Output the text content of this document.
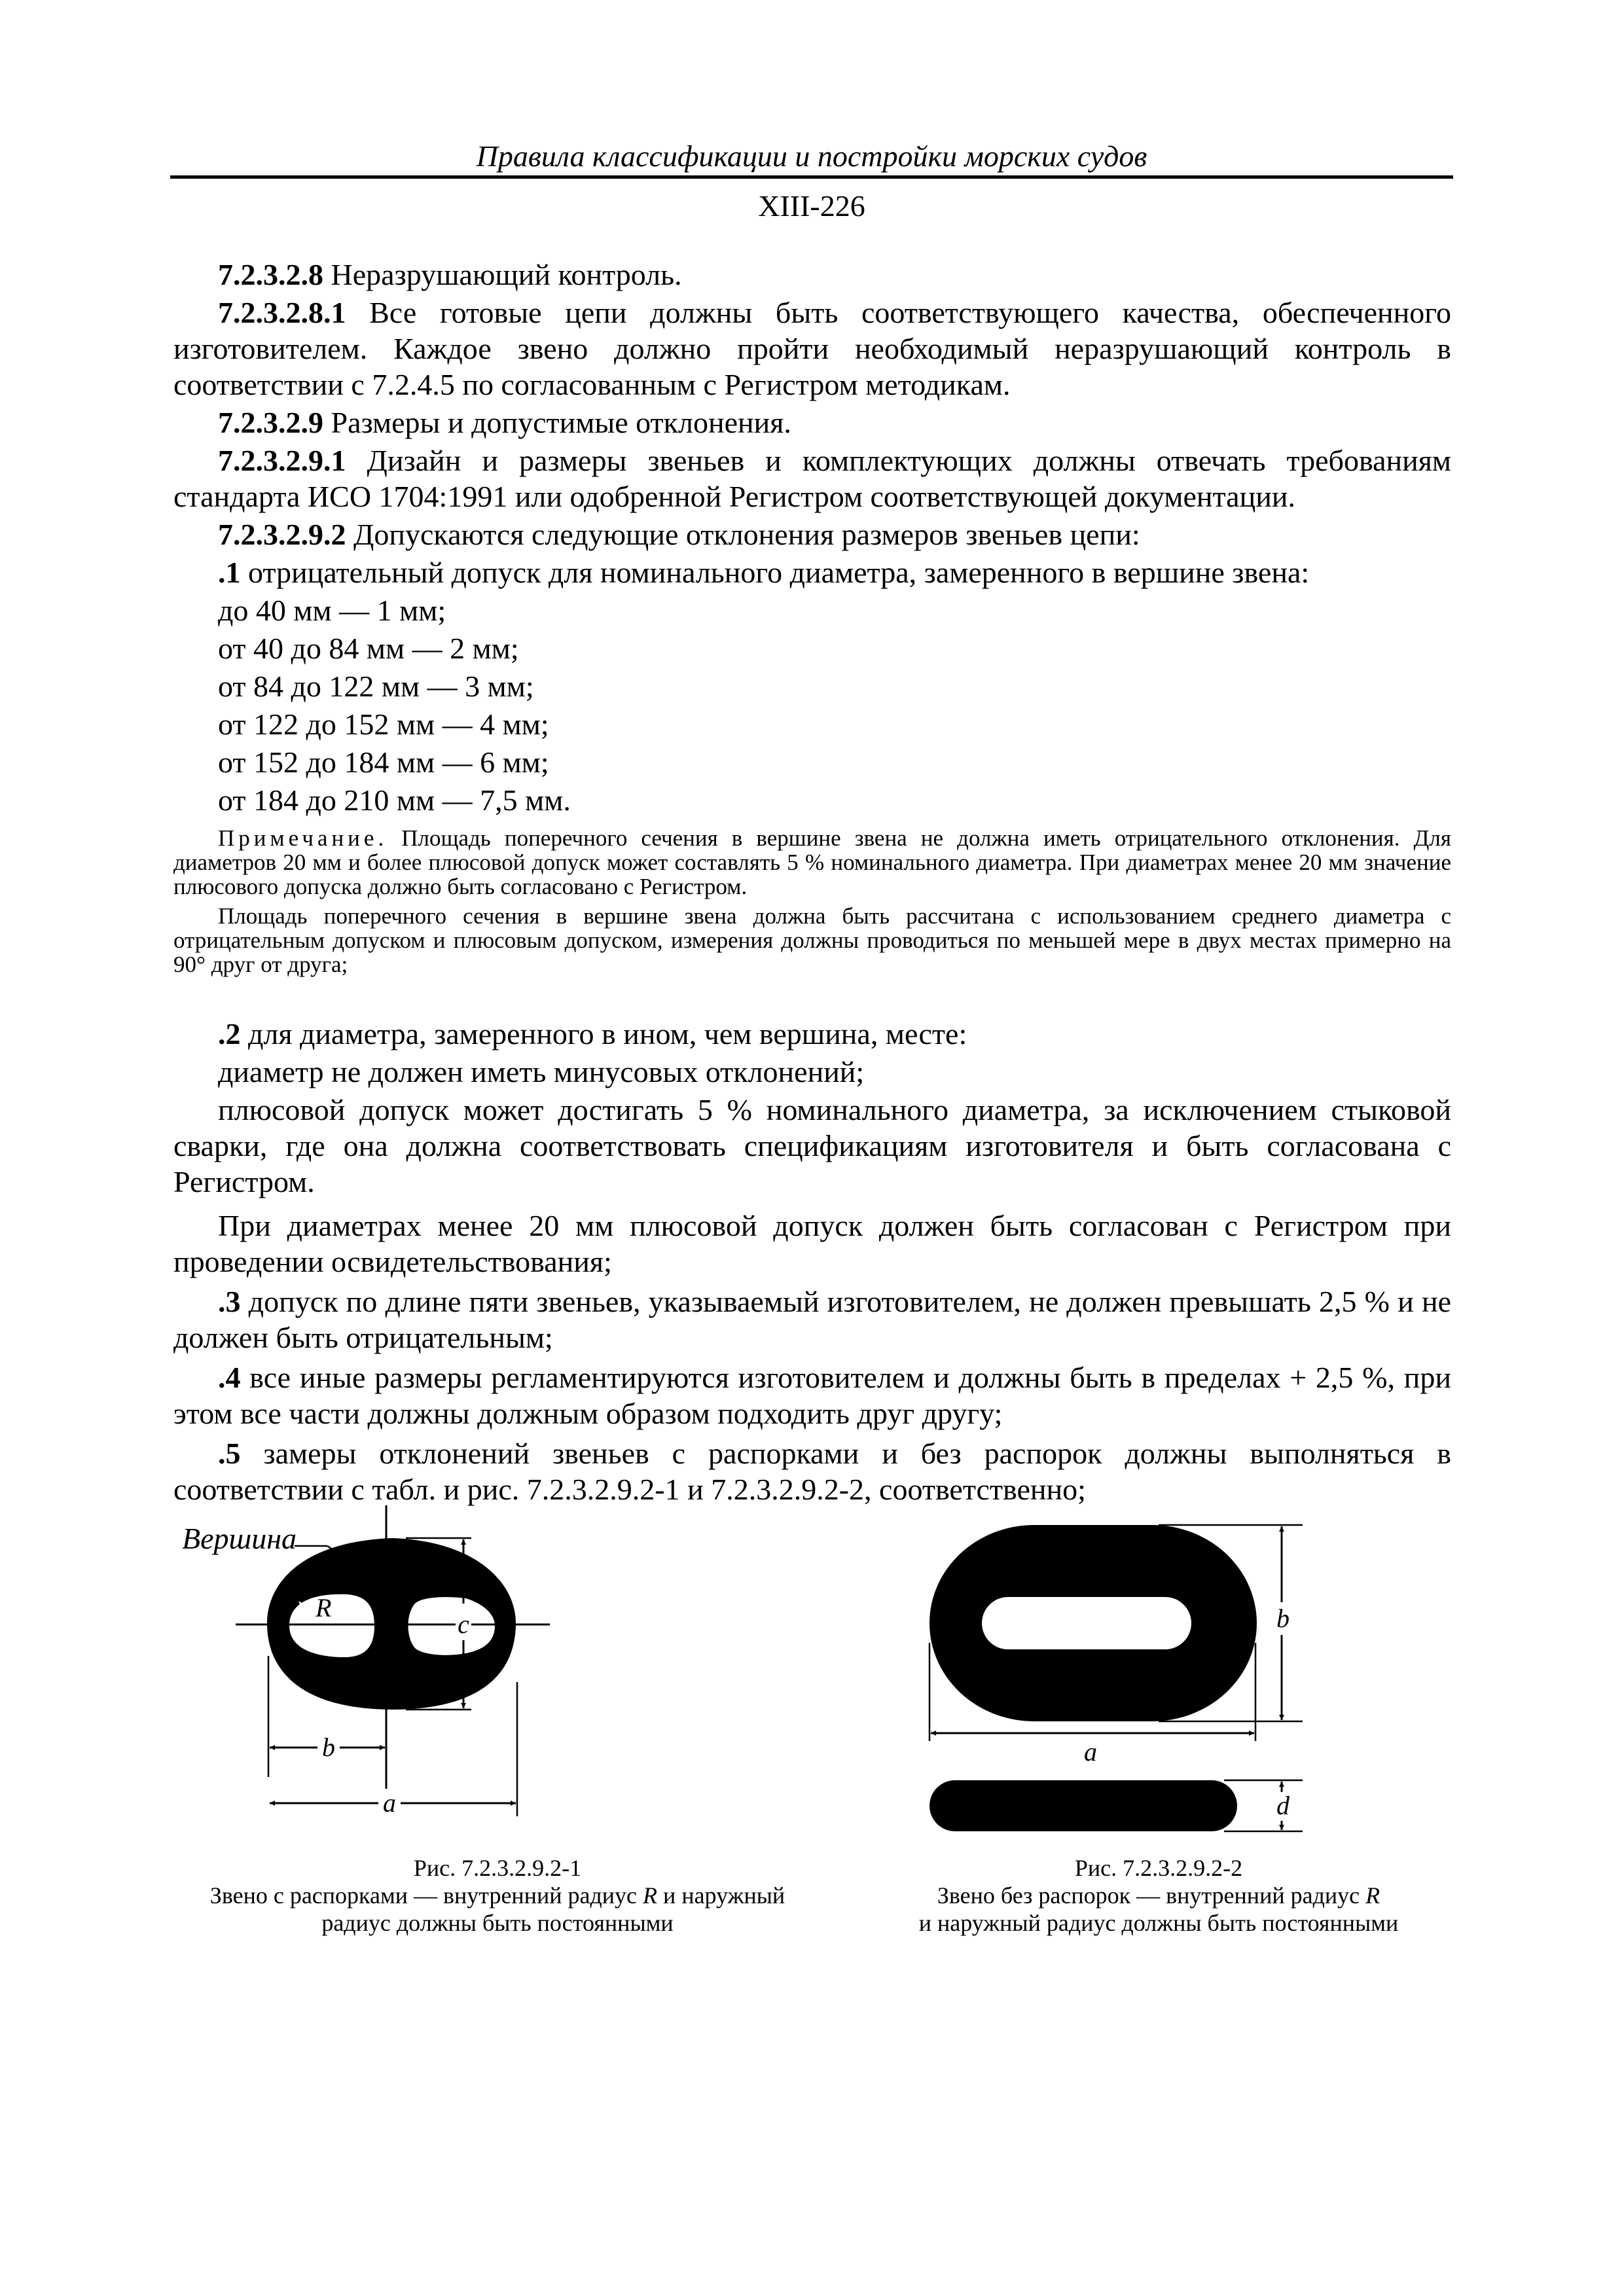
Правила классификации и постройки морских судов
XIII-226

7.2.3.2.8 Неразрушающий контроль.

7.2.3.2.8.1 Все готовые цепи должны быть соответствующего качества, обеспеченного изготовителем. Каждое звено должно пройти необходимый неразрушающий контроль в соответствии с 7.2.4.5 по согласованным с Регистром методикам.

7.2.3.2.9 Размеры и допустимые отклонения.

7.2.3.2.9.1 Дизайн и размеры звеньев и комплектующих должны отвечать требованиям стандарта ИСО 1704:1991 или одобренной Регистром соответствующей документации.

7.2.3.2.9.2 Допускаются следующие отклонения размеров звеньев цепи:

.1 отрицательный допуск для номинального диаметра, замеренного в вершине звена:

до 40 мм — 1 мм;

от 40 до 84 мм — 2 мм;

от 84 до 122 мм — 3 мм;

от 122 до 152 мм — 4 мм;

от 152 до 184 мм — 6 мм;

от 184 до 210 мм — 7,5 мм.

Примечание. Площадь поперечного сечения в вершине звена не должна иметь отрицательного отклонения. Для диаметров 20 мм и более плюсовой допуск может составлять 5 % номинального диаметра. При диаметрах менее 20 мм значение плюсового допуска должно быть согласовано с Регистром.

Площадь поперечного сечения в вершине звена должна быть рассчитана с использованием среднего диаметра с отрицательным допуском и плюсовым допуском, измерения должны проводиться по меньшей мере в двух местах примерно на 90° друг от друга;

.2 для диаметра, замеренного в ином, чем вершина, месте:

диаметр не должен иметь минусовых отклонений;

плюсовой допуск может достигать 5 % номинального диаметра, за исключением стыковой сварки, где она должна соответствовать спецификациям изготовителя и быть согласована с Регистром.

При диаметрах менее 20 мм плюсовой допуск должен быть согласован с Регистром при проведении освидетельствования;

.3 допуск по длине пяти звеньев, указываемый изготовителем, не должен превышать 2,5 % и не должен быть отрицательным;

.4 все иные размеры регламентируются изготовителем и должны быть в пределах + 2,5 %, при этом все части должны должным образом подходить друг другу;

.5 замеры отклонений звеньев с распорками и без распорок должны выполняться в соответствии с табл. и рис. 7.2.3.2.9.2-1 и 7.2.3.2.9.2-2, соответственно;

c
b
a
R
Вершина
b
a
d
Рис. 7.2.3.2.9.2-1
Звено с распорками — внутренний радиус R и наружный
радиус должны быть постоянными
Рис. 7.2.3.2.9.2-2
Звено без распорок — внутренний радиус R
и наружный радиус должны быть постоянными
